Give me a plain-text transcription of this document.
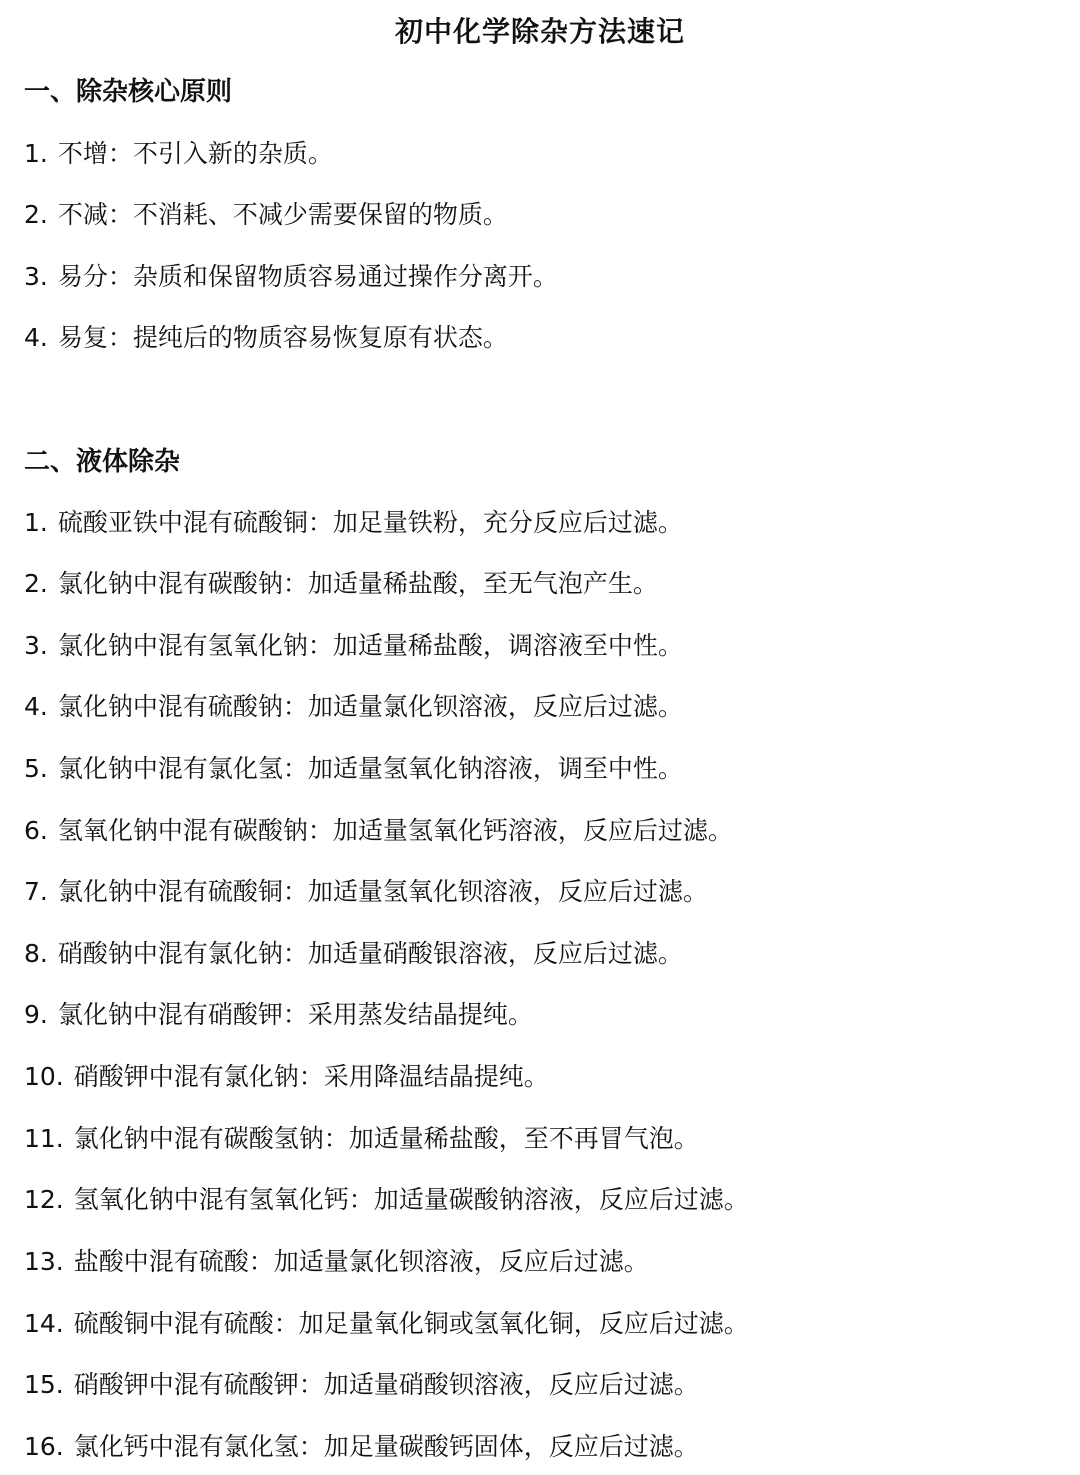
初中化学除杂方法速记
一、除杂核心原则
1. 不增：不引入新的杂质。
2. 不减：不消耗、不减少需要保留的物质。
3. 易分：杂质和保留物质容易通过操作分离开。
4. 易复：提纯后的物质容易恢复原有状态。
二、液体除杂
1. 硫酸亚铁中混有硫酸铜：加足量铁粉，充分反应后过滤。
2. 氯化钠中混有碳酸钠：加适量稀盐酸，至无气泡产生。
3. 氯化钠中混有氢氧化钠：加适量稀盐酸，调溶液至中性。
4. 氯化钠中混有硫酸钠：加适量氯化钡溶液，反应后过滤。
5. 氯化钠中混有氯化氢：加适量氢氧化钠溶液，调至中性。
6. 氢氧化钠中混有碳酸钠：加适量氢氧化钙溶液，反应后过滤。
7. 氯化钠中混有硫酸铜：加适量氢氧化钡溶液，反应后过滤。
8. 硝酸钠中混有氯化钠：加适量硝酸银溶液，反应后过滤。
9. 氯化钠中混有硝酸钾：采用蒸发结晶提纯。
10. 硝酸钾中混有氯化钠：采用降温结晶提纯。
11. 氯化钠中混有碳酸氢钠：加适量稀盐酸，至不再冒气泡。
12. 氢氧化钠中混有氢氧化钙：加适量碳酸钠溶液，反应后过滤。
13. 盐酸中混有硫酸：加适量氯化钡溶液，反应后过滤。
14. 硫酸铜中混有硫酸：加足量氧化铜或氢氧化铜，反应后过滤。
15. 硝酸钾中混有硫酸钾：加适量硝酸钡溶液，反应后过滤。
16. 氯化钙中混有氯化氢：加足量碳酸钙固体，反应后过滤。
